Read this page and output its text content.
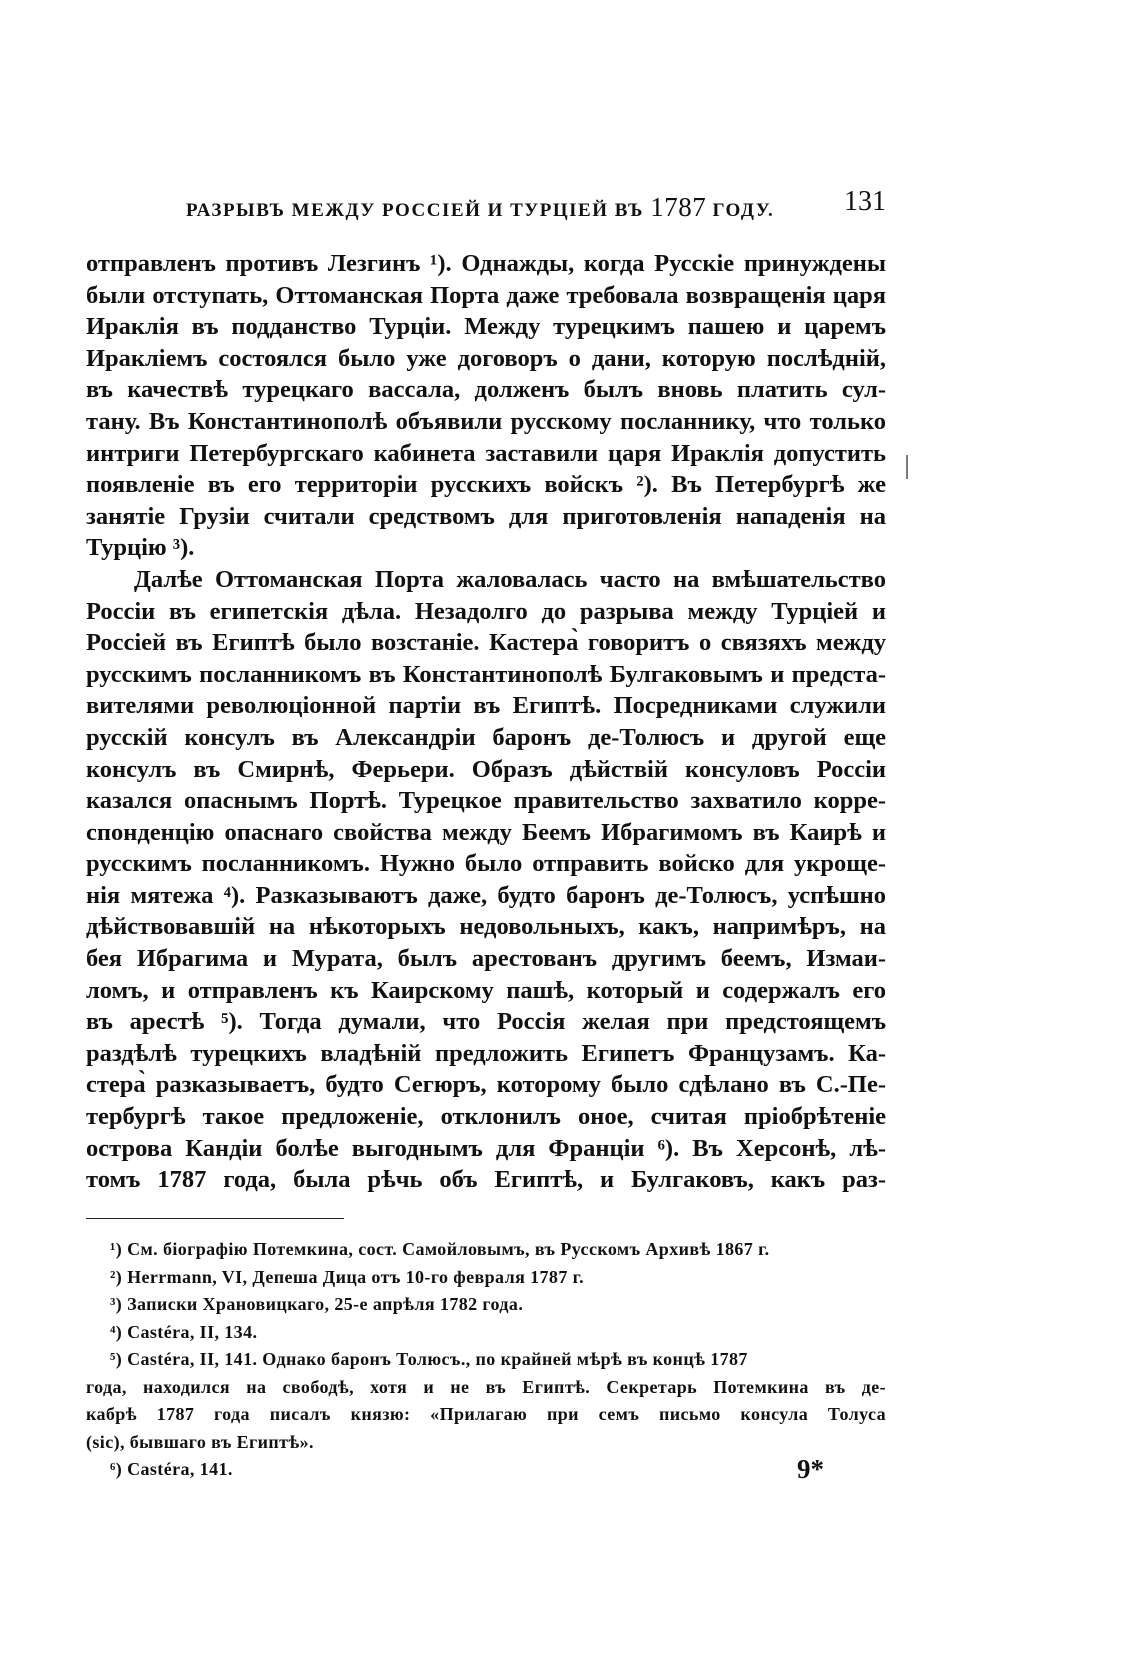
РАЗРЫВЪ МЕЖДУ РОССIЕЙ И ТУРЦIЕЙ ВЪ 1787 ГОДУ. 131
отправленъ противъ Лезгинъ ¹). Однажды, когда Русскiе принуждены
были отступать, Оттоманская Порта даже требовала возвращенiя царя
Ираклiя въ подданство Турцiи. Между турецкимъ пашею и царемъ
Ираклiемъ состоялся было уже договоръ о дани, которую послѣднiй,
въ качествѣ турецкаго вассала, долженъ былъ вновь платить сул-
тану. Въ Константинополѣ объявили русскому посланнику, что только
интриги Петербургскаго кабинета заставили царя Ираклiя допустить
появленiе въ его территорiи русскихъ войскъ ²). Въ Петербургѣ же
занятiе Грузiи считали средствомъ для приготовленiя нападенiя на
Турцiю ³).
Далѣе Оттоманская Порта жаловалась часто на вмѣшательство
Россiи въ египетскiя дѣла. Незадолго до разрыва между Турцiей и
Россiей въ Египтѣ было возстанiе. Кастера̀ говоритъ о связяхъ между
русскимъ посланникомъ въ Константинополѣ Булгаковымъ и предста-
вителями революцiонной партiи въ Египтѣ. Посредниками служили
русскiй консулъ въ Александрiи баронъ де-Толюсъ и другой еще
консулъ въ Смирнѣ, Ферьери. Образъ дѣйствiй консуловъ Россiи
казался опаснымъ Портѣ. Турецкое правительство захватило корре-
спонденцiю опаснаго свойства между Беемъ Ибрагимомъ въ Каирѣ и
русскимъ посланникомъ. Нужно было отправить войско для укроще-
нiя мятежа ⁴). Разказываютъ даже, будто баронъ де-Толюсъ, успѣшно
дѣйствовавшiй на нѣкоторыхъ недовольныхъ, какъ, напримѣръ, на
бея Ибрагима и Мурата, былъ арестованъ другимъ беемъ, Измаи-
ломъ, и отправленъ къ Каирскому пашѣ, который и содержалъ его
въ арестѣ ⁵). Тогда думали, что Россiя желая при предстоящемъ
раздѣлѣ турецкихъ владѣнiй предложить Египетъ Французамъ. Ка-
стера̀ разказываетъ, будто Сегюръ, которому было сдѣлано въ С.-Пе-
тербургѣ такое предложенiе, отклонилъ оное, считая прiобрѣтенiе
острова Кандiи болѣе выгоднымъ для Францiи ⁶). Въ Херсонѣ, лѣ-
томъ 1787 года, была рѣчь объ Египтѣ, и Булгаковъ, какъ раз-
¹) См. бiографiю Потемкина, сост. Самойловымъ, въ Русскомъ Архивѣ 1867 г.
²) Herrmann, VI, Депеша Дица отъ 10-го февраля 1787 г.
³) Записки Храновицкаго, 25-е апрѣля 1782 года.
⁴) Castéra, II, 134.
⁵) Castéra, II, 141. Однако баронъ Толюсъ., по крайней мѣрѣ въ концѣ 1787
года, находился на свободѣ, хотя и не въ Египтѣ. Секретарь Потемкина въ де-
кабрѣ 1787 года писалъ князю: «Прилагаю при семъ письмо консула Толуса
(sic), бывшаго въ Египтѣ».
⁶) Castéra, 141.	9*
